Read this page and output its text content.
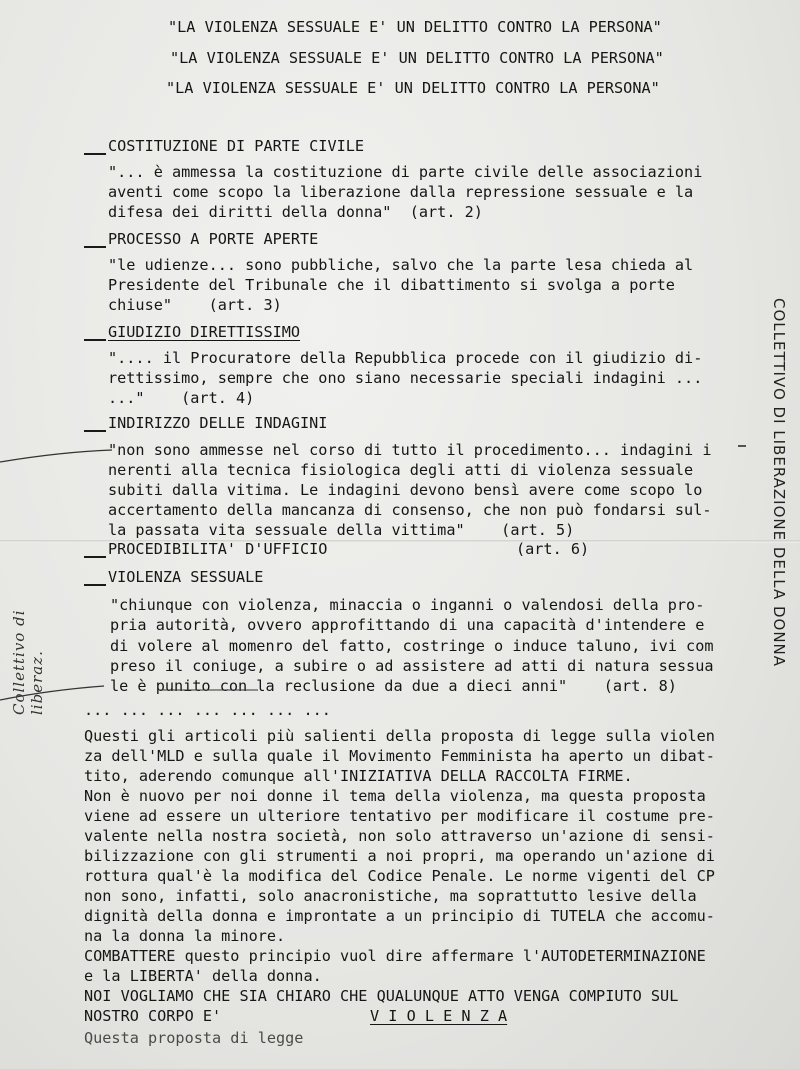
"LA VIOLENZA SESSUALE E' UN DELITTO CONTRO LA PERSONA"
"LA VIOLENZA SESSUALE E' UN DELITTO CONTRO LA PERSONA"
"LA VIOLENZA SESSUALE E' UN DELITTO CONTRO LA PERSONA"
COSTITUZIONE DI PARTE CIVILE
"... è ammessa la costituzione di parte civile delle associazioni
aventi come scopo la liberazione dalla repressione sessuale e la
difesa dei diritti della donna"  (art. 2)
PROCESSO A PORTE APERTE
"le udienze... sono pubbliche, salvo che la parte lesa chieda al
Presidente del Tribunale che il dibattimento si svolga a porte
chiuse"    (art. 3)
GIUDIZIO DIRETTISSIMO
".... il Procuratore della Repubblica procede con il giudizio di-
rettissimo, sempre che ono siano necessarie speciali indagini ...
..."    (art. 4)
INDIRIZZO DELLE INDAGINI
"non sono ammesse nel corso di tutto il procedimento... indagini i
nerenti alla tecnica fisiologica degli atti di violenza sessuale
subiti dalla vitima. Le indagini devono bensì avere come scopo lo
accertamento della mancanza di consenso, che non può fondarsi sul-
la passata vita sessuale della vittima"    (art. 5)
PROCEDIBILITA' D'UFFICIO	(art. 6)
VIOLENZA SESSUALE
"chiunque con violenza, minaccia o inganni o valendosi della pro-
pria autorità, ovvero approfittando di una capacità d'intendere e
di volere al momenro del fatto, costringe o induce taluno, ivi com
preso il coniuge, a subire o ad assistere ad atti di natura sessua
le è punito con la reclusione da due a dieci anni"    (art. 8)
... ... ... ... ... ... ...
Questi gli articoli più salienti della proposta di legge sulla violen
za dell'MLD e sulla quale il Movimento Femminista ha aperto un dibat-
tito, aderendo comunque all'INIZIATIVA DELLA RACCOLTA FIRME.
Non è nuovo per noi donne il tema della violenza, ma questa proposta
viene ad essere un ulteriore tentativo per modificare il costume pre-
valente nella nostra società, non solo attraverso un'azione di sensi-
bilizzazione con gli strumenti a noi propri, ma operando un'azione di
rottura qual'è la modifica del Codice Penale. Le norme vigenti del CP
non sono, infatti, solo anacronistiche, ma soprattutto lesive della
dignità della donna e improntate a un principio di TUTELA che accomu-
na la donna la minore.
COMBATTERE questo principio vuol dire affermare l'AUTODETERMINAZIONE
e la LIBERTA' della donna.
NOI VOGLIAMO CHE SIA CHIARO CHE QUALUNQUE ATTO VENGA COMPIUTO SUL
NOSTRO CORPO E'	V I O L E N Z A
Questa proposta di legge
COLLETTIVO DI LIBERAZIONE DELLA DONNA
Collettivo di liberaz.
